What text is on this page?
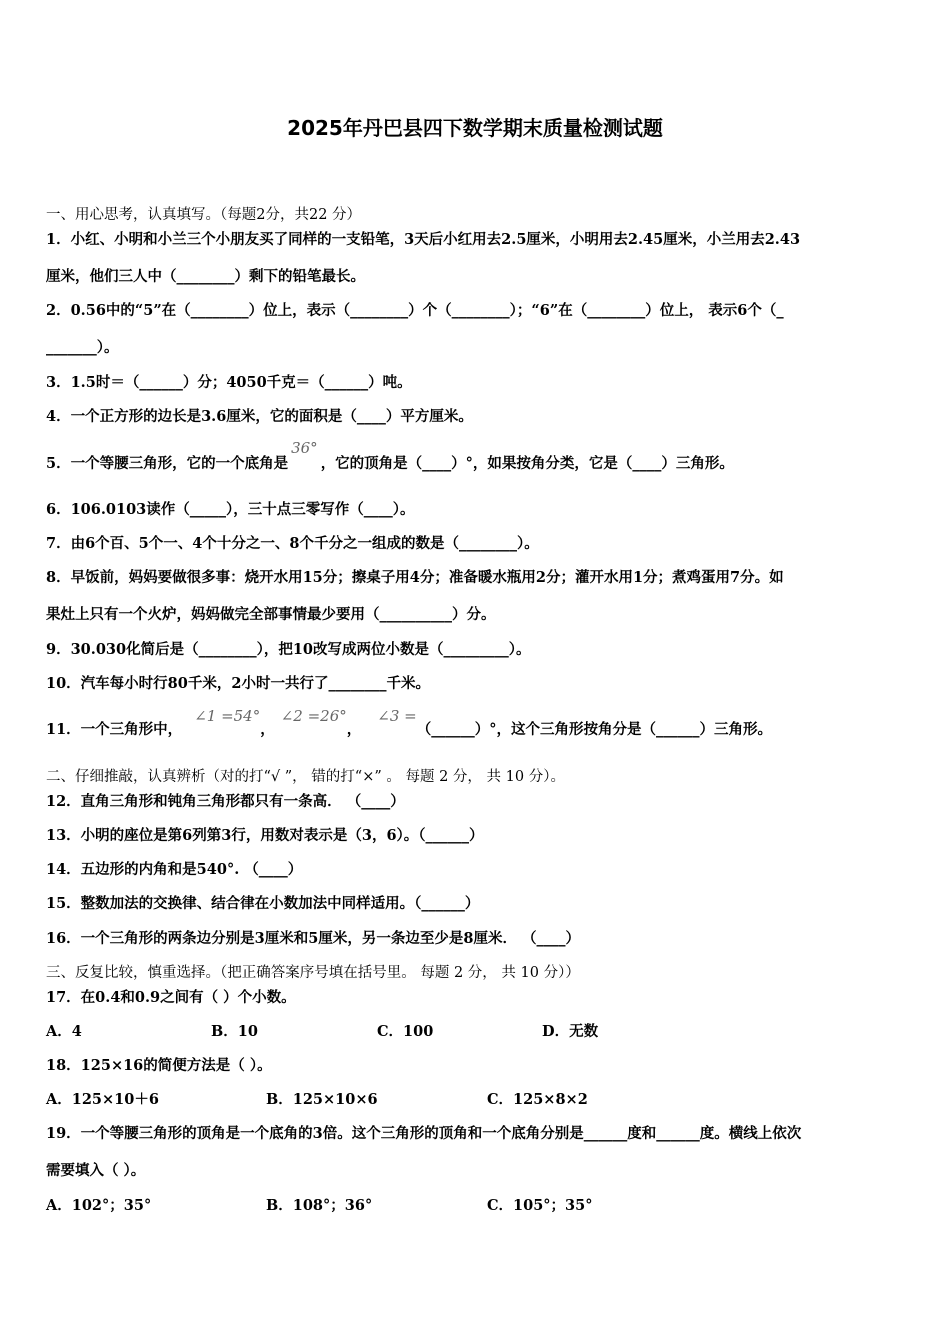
2025年丹巴县四下数学期末质量检测试题
一、用心思考，认真填写。（每题2分，共22 分）
1．小红、小明和小兰三个小朋友买了同样的一支铅笔，3天后小红用去2.5厘米，小明用去2.45厘米，小兰用去2.43
厘米，他们三人中（________）剩下的铅笔最长。
2．0.56中的“5”在（________）位上，表示（________）个（________）；“6”在（________）位上， 表示6个（_
_______）。
3．1.5时＝（______）分；4050千克＝（______）吨。
4．一个正方形的边长是3.6厘米，它的面积是（____）平方厘米。
5．一个等腰三角形，它的一个底角是36°，它的顶角是（____）°，如果按角分类，它是（____）三角形。
6．106.0103读作（_____），三十点三零写作（____）。
7．由6个百、5个一、4个十分之一、8个千分之一组成的数是（________）。
8．早饭前，妈妈要做很多事：烧开水用15分；擦桌子用4分；准备暖水瓶用2分；灌开水用1分；煮鸡蛋用7分。如
果灶上只有一个火炉，妈妈做完全部事情最少要用（__________）分。
9．30.030化简后是（________），把10改写成两位小数是（_________）。
10．汽车每小时行80千米，2小时一共行了________千米。
11．一个三角形中，∠1 =54°，∠2 =26°，∠3 =（______）°，这个三角形按角分是（______）三角形。
二、仔细推敲，认真辨析（对的打“√ ”， 错的打“×” 。 每题 2 分， 共 10 分）。
12．直角三角形和钝角三角形都只有一条高． （____）
13．小明的座位是第6列第3行，用数对表示是（3，6）。（______）
14．五边形的内角和是540°. （____）
15．整数加法的交换律、结合律在小数加法中同样适用。（______）
16．一个三角形的两条边分别是3厘米和5厘米，另一条边至少是8厘米． （____）
三、反复比较，慎重选择。（把正确答案序号填在括号里。 每题 2 分， 共 10 分））
17．在0.4和0.9之间有（ ）个小数。
A．4	B．10	C．100	D．无数
18．125×16的简便方法是（ ）。
A．125×10＋6	B．125×10×6	C．125×8×2
19．一个等腰三角形的顶角是一个底角的3倍。这个三角形的顶角和一个底角分别是______度和______度。横线上依次
需要填入（ ）。
A．102°；35°	B．108°；36°	C．105°；35°
